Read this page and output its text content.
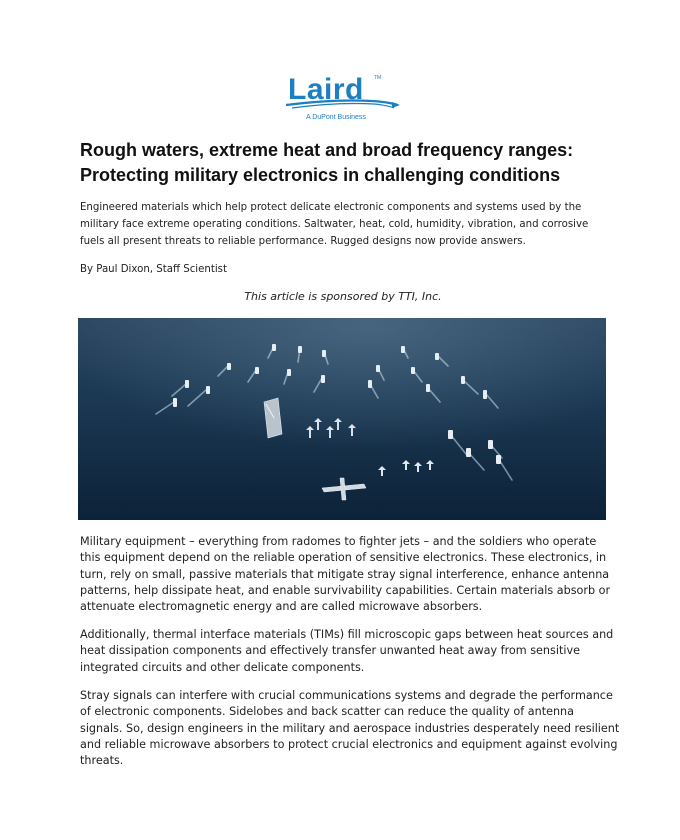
Laird TM
A DuPont Business
Rough waters, extreme heat and broad frequency ranges: Protecting military electronics in challenging conditions

Engineered materials which help protect delicate electronic components and systems used by the military face extreme operating conditions. Saltwater, heat, cold, humidity, vibration, and corrosive fuels all present threats to reliable performance. Rugged designs now provide answers.

By Paul Dixon, Staff Scientist

This article is sponsored by TTI, Inc.

Military equipment – everything from radomes to fighter jets – and the soldiers who operate this equipment depend on the reliable operation of sensitive electronics. These electronics, in turn, rely on small, passive materials that mitigate stray signal interference, enhance antenna patterns, help dissipate heat, and enable survivability capabilities. Certain materials absorb or attenuate electromagnetic energy and are called microwave absorbers.

Additionally, thermal interface materials (TIMs) fill microscopic gaps between heat sources and heat dissipation components and effectively transfer unwanted heat away from sensitive integrated circuits and other delicate components.

Stray signals can interfere with crucial communications systems and degrade the performance of electronic components. Sidelobes and back scatter can reduce the quality of antenna signals. So, design engineers in the military and aerospace industries desperately need resilient and reliable microwave absorbers to protect crucial electronics and equipment against evolving threats.
